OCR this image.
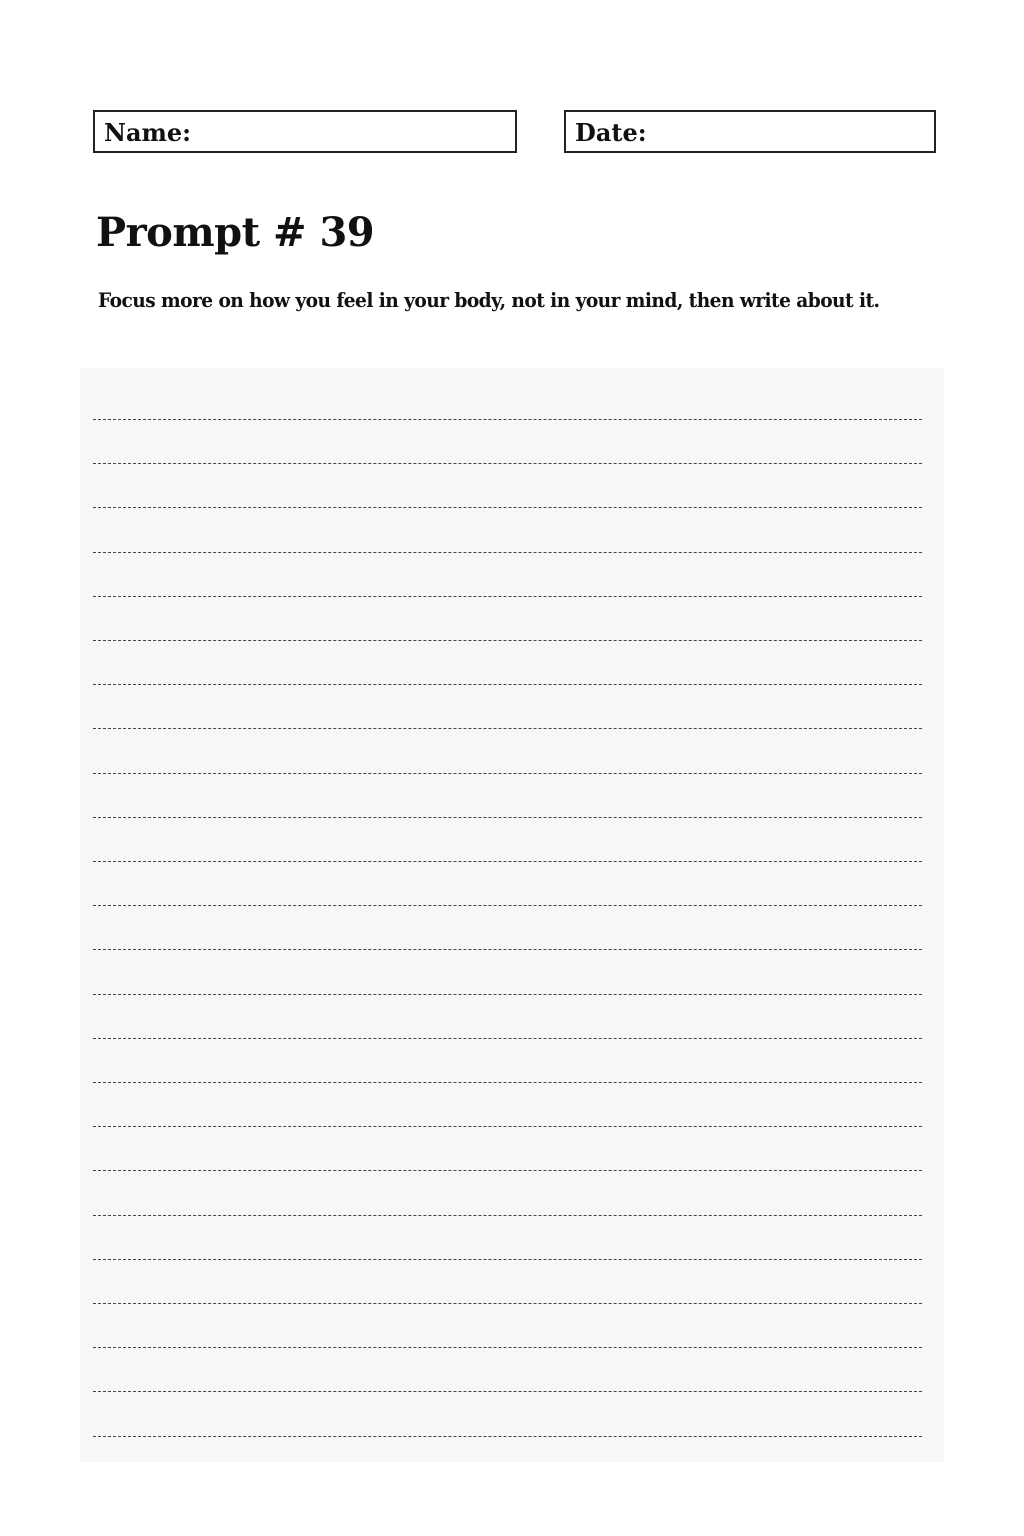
Name:	Date:
Prompt # 39

Focus more on how you feel in your body, not in your mind, then write about it.
